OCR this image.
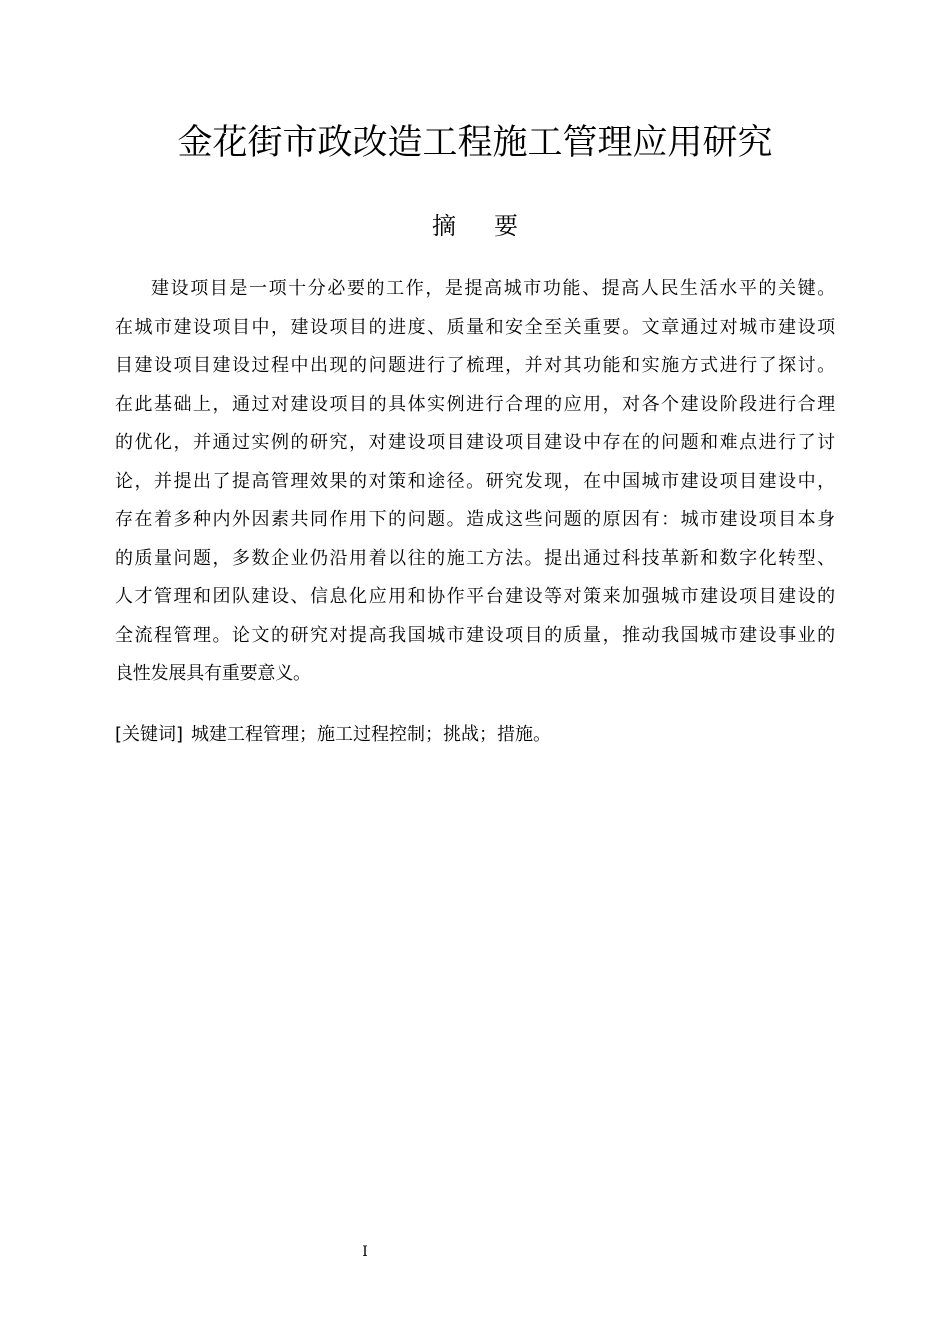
金花街市政改造工程施工管理应用研究
摘 要
建设项目是一项十分必要的工作，是提高城市功能、提高人民生活水平的关键。
在城市建设项目中，建设项目的进度、质量和安全至关重要。文章通过对城市建设项
目建设项目建设过程中出现的问题进行了梳理，并对其功能和实施方式进行了探讨。
在此基础上，通过对建设项目的具体实例进行合理的应用，对各个建设阶段进行合理
的优化，并通过实例的研究，对建设项目建设项目建设中存在的问题和难点进行了讨
论，并提出了提高管理效果的对策和途径。研究发现，在中国城市建设项目建设中，
存在着多种内外因素共同作用下的问题。造成这些问题的原因有：城市建设项目本身
的质量问题，多数企业仍沿用着以往的施工方法。提出通过科技革新和数字化转型、
人才管理和团队建设、信息化应用和协作平台建设等对策来加强城市建设项目建设的
全流程管理。论文的研究对提高我国城市建设项目的质量，推动我国城市建设事业的
良性发展具有重要意义。
[关键词] 城建工程管理；施工过程控制；挑战；措施。
I
